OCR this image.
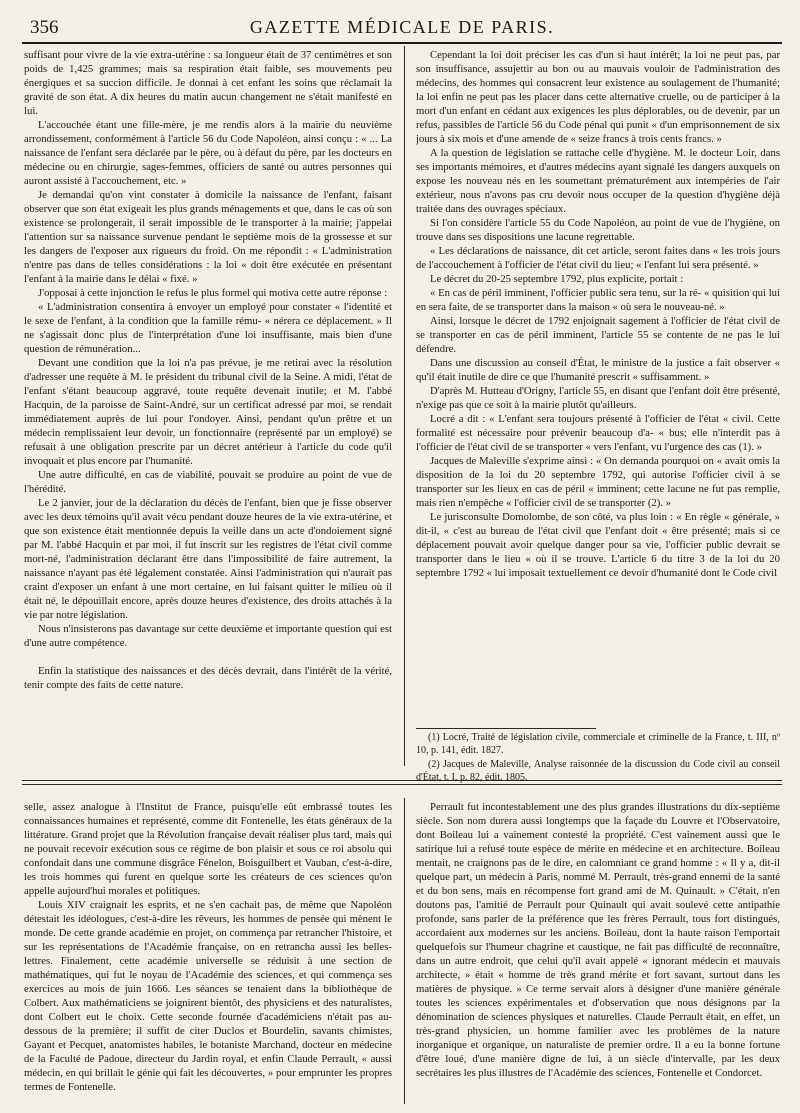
356	GAZETTE MÉDICALE DE PARIS.

suffisant pour vivre de la vie extra-utérine : sa longueur était de 37 centimètres et son poids de 1,425 grammes; mais sa respiration était faible, ses mouvements peu énergiques et sa succion difficile. Je donnai à cet enfant les soins que réclamait la gravité de son état. A dix heures du matin aucun changement ne s'était manifesté en lui.

L'accouchée étant une fille-mère, je me rendis alors à la mairie du neuvième arrondissement, conformément à l'article 56 du Code Napoléon, ainsi conçu : « ... La naissance de l'enfant sera déclarée par le père, ou à défaut du père, par les docteurs en médecine ou en chirurgie, sages-femmes, officiers de santé ou autres personnes qui auront assisté à l'accouchement, etc. »

Je demandai qu'on vint constater à domicile la naissance de l'enfant, faisant observer que son état exigeait les plus grands ménagements et que, dans le cas où son existence se prolongerait, il serait impossible de le transporter à la mairie; j'appelai l'attention sur sa naissance survenue pendant le septième mois de la grossesse et sur les dangers de l'exposer aux rigueurs du froid. On me répondit : « L'administration n'entre pas dans de telles considérations : la loi « doit être exécutée en présentant l'enfant à la mairie dans le délai « fixé. »

J'opposai à cette injonction le refus le plus formel qui motiva cette autre réponse :

« L'administration consentira à envoyer un employé pour constater « l'identité et le sexe de l'enfant, à la condition que la famille rému- « nérera ce déplacement. » Il ne s'agissait donc plus de l'interprétation d'une loi insuffisante, mais bien d'une question de rémunération...

Devant une condition que la loi n'a pas prévue, je me retirai avec la résolution d'adresser une requête à M. le président du tribunal civil de la Seine. A midi, l'état de l'enfant s'étant beaucoup aggravé, toute requête devenait inutile; et M. l'abbé Hacquin, de la paroisse de Saint-André, sur un certificat adressé par moi, se rendait immédiatement auprès de lui pour l'ondoyer. Ainsi, pendant qu'un prêtre et un médecin remplissaient leur devoir, un fonctionnaire (représenté par un employé) se refusait à une obligation prescrite par un décret antérieur à l'article du code qu'il invoquait et plus encore par l'humanité.

Une autre difficulté, en cas de viabilité, pouvait se produire au point de vue de l'hérédité.

Le 2 janvier, jour de la déclaration du décès de l'enfant, bien que je fisse observer avec les deux témoins qu'il avait vécu pendant douze heures de la vie extra-utérine, et que son existence était mentionnée depuis la veille dans un acte d'ondoiement signé par M. l'abbé Hacquin et par moi, il fut inscrit sur les registres de l'état civil comme mort-né, l'administration déclarant être dans l'impossibilité de faire autrement, la naissance n'ayant pas été légalement constatée. Ainsi l'administration qui n'aurait pas craint d'exposer un enfant à une mort certaine, en lui faisant quitter le milieu où il était né, le dépouillait encore, après douze heures d'existence, des droits attachés à la vie par notre législation.

Nous n'insisterons pas davantage sur cette deuxième et importante question qui est d'une autre compétence.

Enfin la statistique des naissances et des décès devrait, dans l'intérêt de la vérité, tenir compte des faits de cette nature.

Cependant la loi doit préciser les cas d'un si haut intérêt; la loi ne peut pas, par son insuffisance, assujettir au bon ou au mauvais vouloir de l'administration des médecins, des hommes qui consacrent leur existence au soulagement de l'humanité; la loi enfin ne peut pas les placer dans cette alternative cruelle, ou de participer à la mort d'un enfant en cédant aux exigences les plus déplorables, ou de devenir, par un refus, passibles de l'article 56 du Code pénal qui punit « d'un emprisonnement de six jours à six mois et d'une amende de « seize francs à trois cents francs. »

A la question de législation se rattache celle d'hygiène. M. le docteur Loir, dans ses importants mémoires, et d'autres médecins ayant signalé les dangers auxquels on expose les nouveau nés en les soumettant prématurément aux intempéries de l'air extérieur, nous n'avons pas cru devoir nous occuper de la question d'hygiène déjà traitée dans des ouvrages spéciaux.

Si l'on considère l'article 55 du Code Napoléon, au point de vue de l'hygiène, on trouve dans ses dispositions une lacune regrettable.

« Les déclarations de naissance, dit cet article, seront faites dans « les trois jours de l'accouchement à l'officier de l'état civil du lieu; « l'enfant lui sera présenté. »

Le décret du 20-25 septembre 1792, plus explicite, portait :

« En cas de péril imminent, l'officier public sera tenu, sur la ré- « quisition qui lui en sera faite, de se transporter dans la maison « où sera le nouveau-né. »

Ainsi, lorsque le décret de 1792 enjoignait sagement à l'officier de l'état civil de se transporter en cas de péril imminent, l'article 55 se contente de ne pas le lui défendre.

Dans une discussion au conseil d'État, le ministre de la justice a fait observer « qu'il était inutile de dire ce que l'humanité prescrit « suffisamment. »

D'après M. Hutteau d'Origny, l'article 55, en disant que l'enfant doit être présenté, n'exige pas que ce soit à la mairie plutôt qu'ailleurs.

Locré a dit : « L'enfant sera toujours présenté à l'officier de l'état « civil. Cette formalité est nécessaire pour prévenir beaucoup d'a- « bus; elle n'interdit pas à l'officier de l'état civil de se transporter « vers l'enfant, vu l'urgence des cas (1). »

Jacques de Maleville s'exprime ainsi : « On demanda pourquoi on « avait omis la disposition de la loi du 20 septembre 1792, qui autorise l'officier civil à se transporter sur les lieux en cas de péril « imminent; cette lacune ne fut pas remplie, mais rien n'empêche « l'officier civil de se transporter (2). »

Le jurisconsulte Domolombe, de son côté, va plus loin : « En règle « générale, » dit-il, « c'est au bureau de l'état civil que l'enfant doit « être présenté; mais si ce déplacement pouvait avoir quelque danger pour sa vie, l'officier public devrait se transporter dans le lieu « où il se trouve. L'article 6 du titre 3 de la loi du 20 septembre 1792 « lui imposait textuellement ce devoir d'humanité dont le Code civil

(1) Locré, Traité de législation civile, commerciale et criminelle de la France, t. III, nº 10, p. 141, édit. 1827.

(2) Jacques de Maleville, Analyse raisonnée de la discussion du Code civil au conseil d'État, t. I, p. 82, édit. 1805.

selle, assez analogue à l'Institut de France, puisqu'elle eût embrassé toutes les connaissances humaines et représenté, comme dit Fontenelle, les états généraux de la littérature. Grand projet que la Révolution française devait réaliser plus tard, mais qui ne pouvait recevoir exécution sous ce régime de bon plaisir et sous ce roi absolu qui confondait dans une commune disgrâce Fénelon, Boisguilbert et Vauban, c'est-à-dire, les trois hommes qui furent en quelque sorte les créateurs de ces sciences qu'on appelle aujourd'hui morales et politiques.

Louis XIV craignait les esprits, et ne s'en cachait pas, de même que Napoléon détestait les idéologues, c'est-à-dire les rêveurs, les hommes de pensée qui mènent le monde. De cette grande académie en projet, on commença par retrancher l'histoire, et sur les représentations de l'Académie française, on en retrancha aussi les belles-lettres. Finalement, cette académie universelle se réduisit à une section de mathématiques, qui fut le noyau de l'Académie des sciences, et qui commença ses exercices au mois de juin 1666. Les séances se tenaient dans la bibliothèque de Colbert. Aux mathématiciens se joignirent bientôt, des physiciens et des naturalistes, dont Colbert eut le choix. Cette seconde fournée d'académiciens n'était pas au-dessous de la première; il suffit de citer Duclos et Bourdelin, savants chimistes, Gayant et Pecquet, anatomistes habiles, le botaniste Marchand, docteur en médecine de la Faculté de Padoue, directeur du Jardin royal, et enfin Claude Perrault, « aussi médecin, en qui brillait le génie qui fait les découvertes, » pour emprunter les propres termes de Fontenelle.

Perrault fut incontestablement une des plus grandes illustrations du dix-septième siècle. Son nom durera aussi longtemps que la façade du Louvre et l'Observatoire, dont Boileau lui a vainement contesté la propriété. C'est vainement aussi que le satirique lui a refusé toute espèce de mérite en médecine et en architecture. Boileau mentait, ne craignons pas de le dire, en calomniant ce grand homme : « Il y a, dit-il quelque part, un médecin à Paris, nommé M. Perrault, très-grand ennemi de la santé et du bon sens, mais en récompense fort grand ami de M. Quinault. » C'était, n'en doutons pas, l'amitié de Perrault pour Quinault qui avait soulevé cette antipathie profonde, sans parler de la préférence que les frères Perrault, tous fort distingués, accordaient aux modernes sur les anciens. Boileau, dont la haute raison l'emportait quelquefois sur l'humeur chagrine et caustique, ne fait pas difficulté de reconnaître, dans un autre endroit, que celui qu'il avait appelé « ignorant médecin et mauvais architecte, » était « homme de très grand mérite et fort savant, surtout dans les matières de physique. » Ce terme servait alors à désigner d'une manière générale toutes les sciences expérimentales et d'observation que nous désignons par la dénomination de sciences physiques et naturelles. Claude Perrault était, en effet, un très-grand physicien, un homme familier avec les problèmes de la nature inorganique et organique, un naturaliste de premier ordre. Il a eu la bonne fortune d'être loué, d'une manière digne de lui, à un siècle d'intervalle, par les deux secrétaires les plus illustres de l'Académie des sciences, Fontenelle et Condorcet.
